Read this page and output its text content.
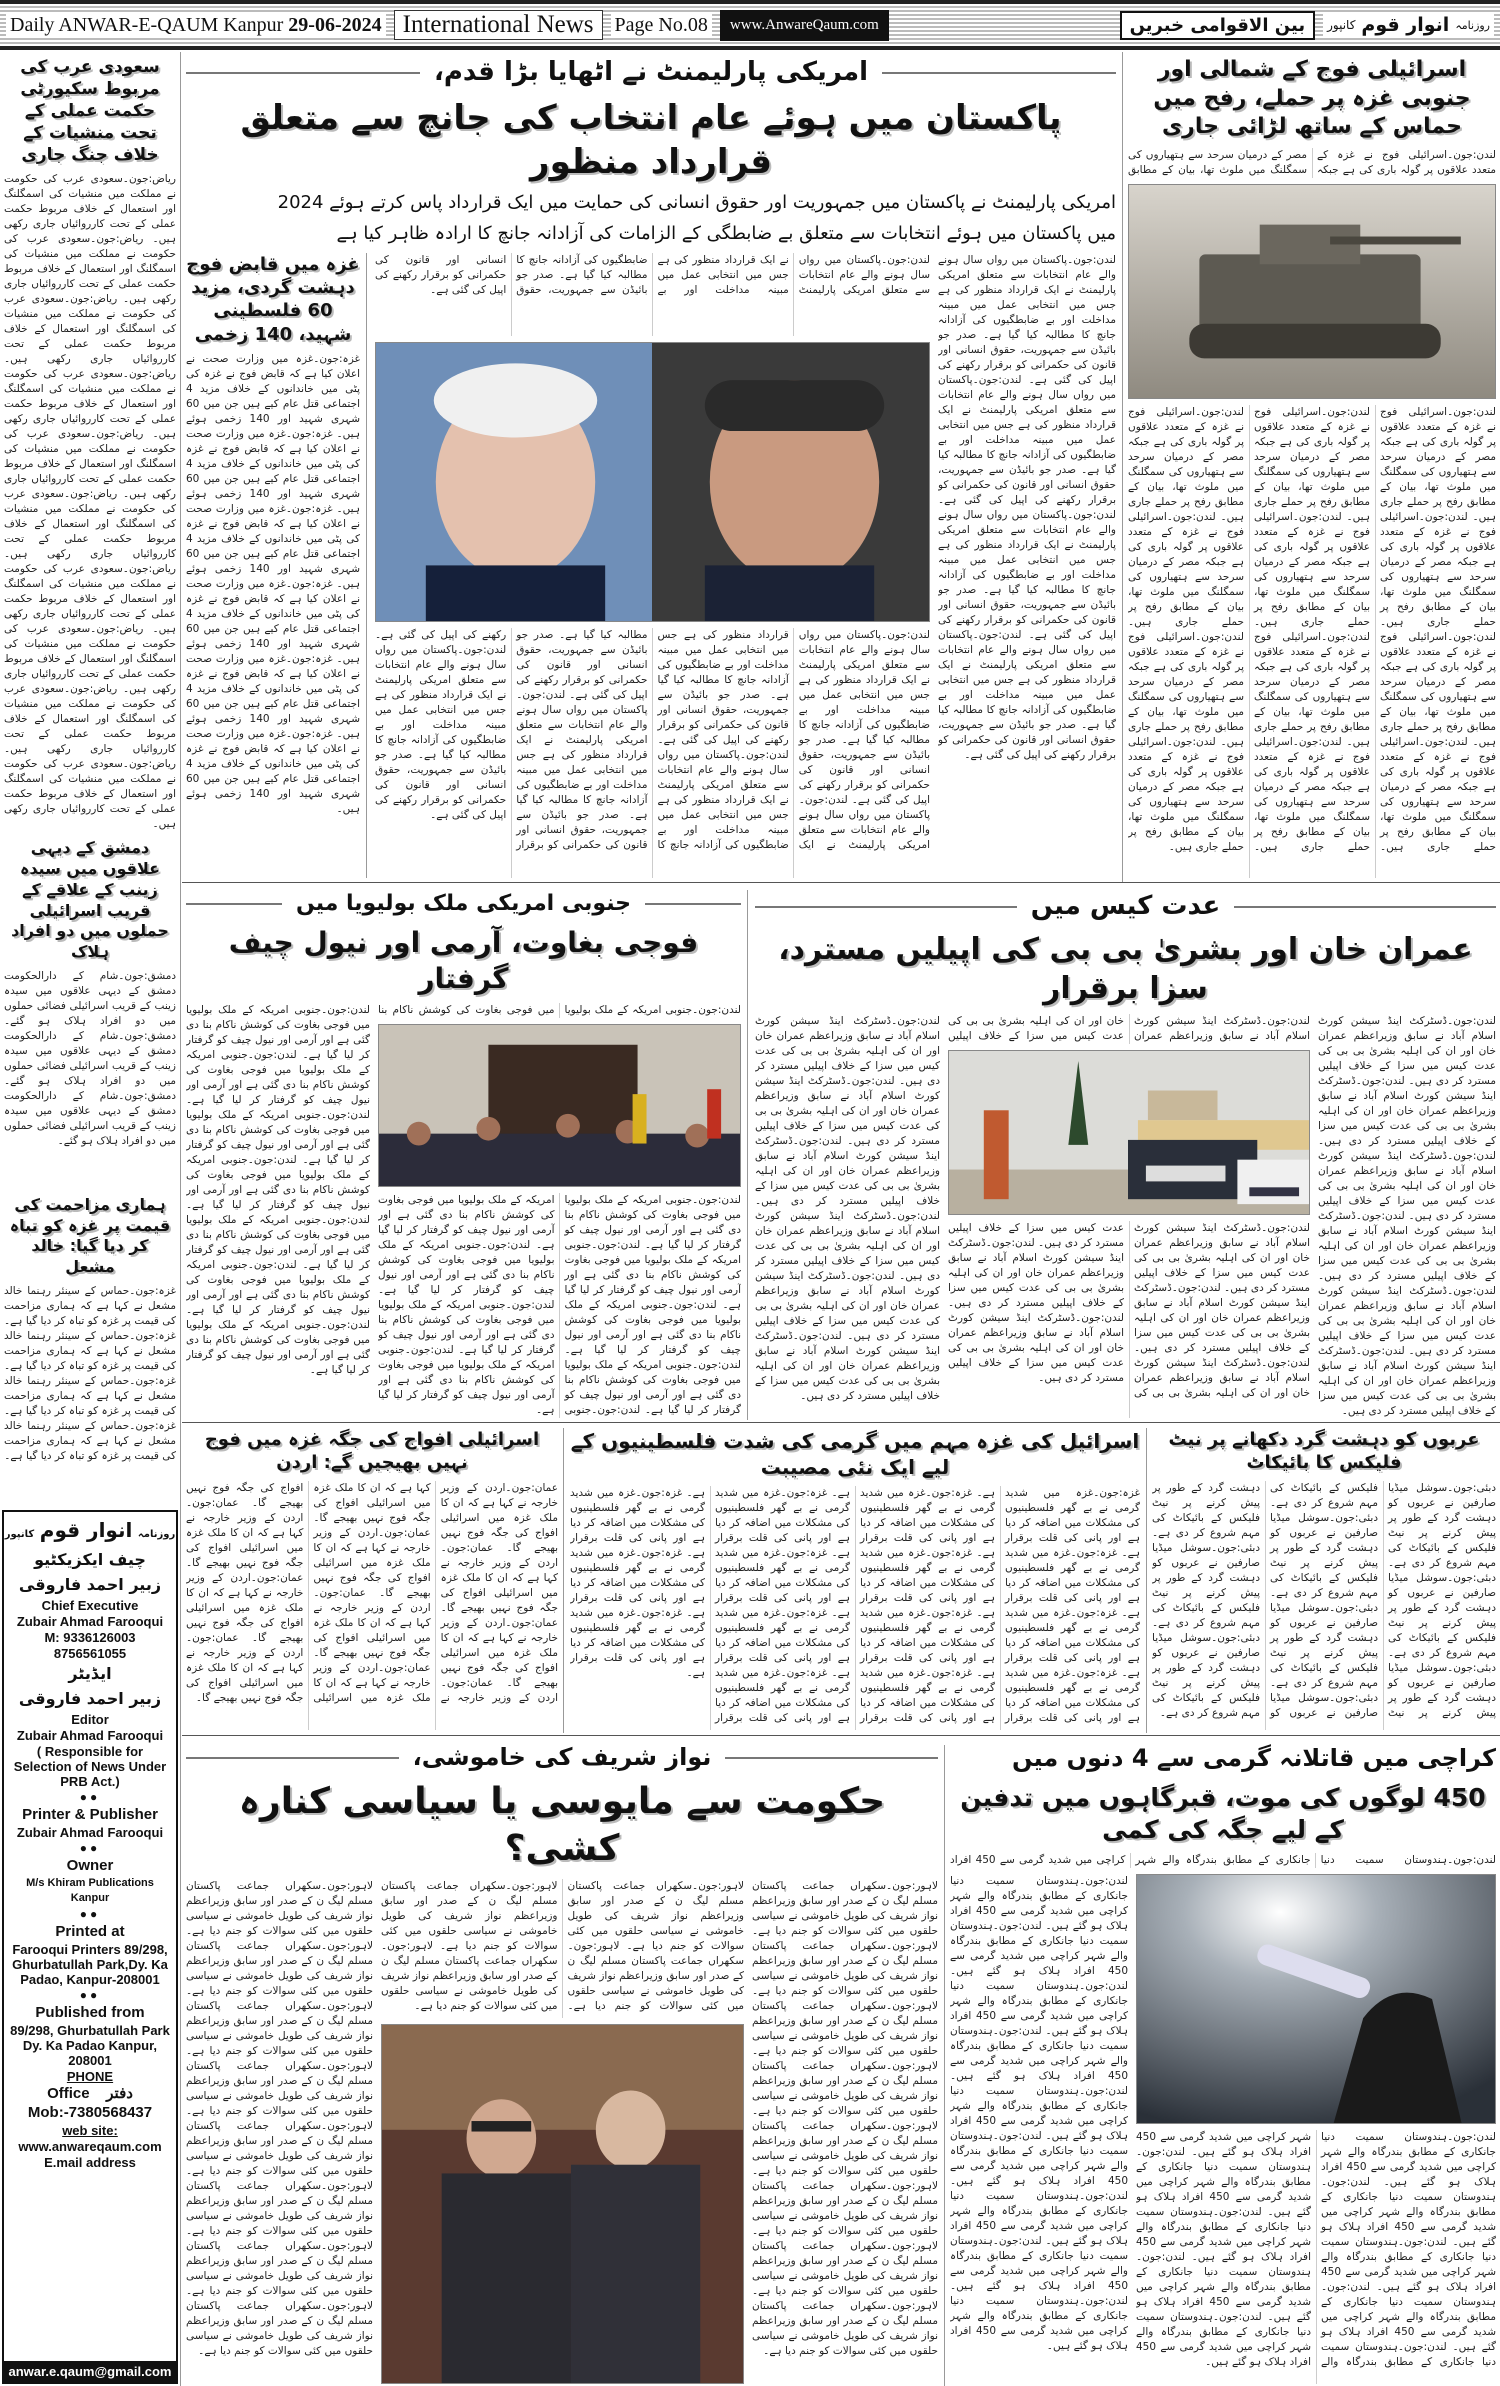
Daily ANWAR-E-QAUM Kanpur 29-06-2024 International News	Page No.08	www.AnwareQaum.com	بین الاقوامی خبریں	روزنامہ
انوار قوم
کانپور
سعودی عرب کی مربوط سکیورٹی حکمت عملی کے تحت منشیات کے خلاف جنگ جاری
ریاض:جون۔سعودی عرب کی حکومت نے مملکت میں منشیات کی اسمگلنگ اور استعمال کے خلاف مربوط حکمت عملی کے تحت کارروائیاں جاری رکھی ہیں۔ ریاض:جون۔سعودی عرب کی حکومت نے مملکت میں منشیات کی اسمگلنگ اور استعمال کے خلاف مربوط حکمت عملی کے تحت کارروائیاں جاری رکھی ہیں۔ ریاض:جون۔سعودی عرب کی حکومت نے مملکت میں منشیات کی اسمگلنگ اور استعمال کے خلاف مربوط حکمت عملی کے تحت کارروائیاں جاری رکھی ہیں۔ ریاض:جون۔سعودی عرب کی حکومت نے مملکت میں منشیات کی اسمگلنگ اور استعمال کے خلاف مربوط حکمت عملی کے تحت کارروائیاں جاری رکھی ہیں۔ ریاض:جون۔سعودی عرب کی حکومت نے مملکت میں منشیات کی اسمگلنگ اور استعمال کے خلاف مربوط حکمت عملی کے تحت کارروائیاں جاری رکھی ہیں۔ ریاض:جون۔سعودی عرب کی حکومت نے مملکت میں منشیات کی اسمگلنگ اور استعمال کے خلاف مربوط حکمت عملی کے تحت کارروائیاں جاری رکھی ہیں۔ ریاض:جون۔سعودی عرب کی حکومت نے مملکت میں منشیات کی اسمگلنگ اور استعمال کے خلاف مربوط حکمت عملی کے تحت کارروائیاں جاری رکھی ہیں۔ ریاض:جون۔سعودی عرب کی حکومت نے مملکت میں منشیات کی اسمگلنگ اور استعمال کے خلاف مربوط حکمت عملی کے تحت کارروائیاں جاری رکھی ہیں۔ ریاض:جون۔سعودی عرب کی حکومت نے مملکت میں منشیات کی اسمگلنگ اور استعمال کے خلاف مربوط حکمت عملی کے تحت کارروائیاں جاری رکھی ہیں۔ ریاض:جون۔سعودی عرب کی حکومت نے مملکت میں منشیات کی اسمگلنگ اور استعمال کے خلاف مربوط حکمت عملی کے تحت کارروائیاں جاری رکھی ہیں۔
دمشق کے دیہی علاقوں میں سیدہ زینب کے علاقے کے قریب اسرائیلی حملوں میں دو افراد ہلاک
دمشق:جون۔شام کے دارالحکومت دمشق کے دیہی علاقوں میں سیدہ زینب کے قریب اسرائیلی فضائی حملوں میں دو افراد ہلاک ہو گئے۔ دمشق:جون۔شام کے دارالحکومت دمشق کے دیہی علاقوں میں سیدہ زینب کے قریب اسرائیلی فضائی حملوں میں دو افراد ہلاک ہو گئے۔ دمشق:جون۔شام کے دارالحکومت دمشق کے دیہی علاقوں میں سیدہ زینب کے قریب اسرائیلی فضائی حملوں میں دو افراد ہلاک ہو گئے۔
ہماری مزاحمت کی قیمت پر غزہ کو تباہ کر دیا گیا: خالد مشعل
غزہ:جون۔حماس کے سینئر رہنما خالد مشعل نے کہا ہے کہ ہماری مزاحمت کی قیمت پر غزہ کو تباہ کر دیا گیا ہے۔ غزہ:جون۔حماس کے سینئر رہنما خالد مشعل نے کہا ہے کہ ہماری مزاحمت کی قیمت پر غزہ کو تباہ کر دیا گیا ہے۔ غزہ:جون۔حماس کے سینئر رہنما خالد مشعل نے کہا ہے کہ ہماری مزاحمت کی قیمت پر غزہ کو تباہ کر دیا گیا ہے۔ غزہ:جون۔حماس کے سینئر رہنما خالد مشعل نے کہا ہے کہ ہماری مزاحمت کی قیمت پر غزہ کو تباہ کر دیا گیا ہے۔
روزنامہ انوار قوم کانپور
چیف ایکزیکٹیو
زبیر احمد فاروقی
Chief Executive
Zubair Ahmad Farooqui
M: 9336126003
8756561055
ایڈیٹر
زبیر احمد فاروقی
Editor
Zubair Ahmad Farooqui
( Responsible for Selection of News Under PRB Act.)
●●
Printer & Publisher
Zubair Ahmad Farooqui
●●
Owner
M/s Khiram Publications Kanpur
●●
Printed at
Farooqui Printers 89/298, Ghurbatullah Park,Dy. Ka Padao, Kanpur-208001
●●
Published from
89/298, Ghurbatullah Park Dy. Ka Padao Kanpur, 208001
PHONE
Office دفتر
Mob:-7380568437
web site:
www.anwareqaum.com
E.mail address
anwar.e.qaum@gmail.com
امریکی پارلیمنٹ نے اٹھایا بڑا قدم،
پاکستان میں ہوئے عام انتخاب کی جانچ سے متعلق قرارداد منظور
امریکی پارلیمنٹ نے پاکستان میں جمہوریت اور حقوق انسانی کی حمایت میں ایک قرارداد پاس کرتے ہوئے 2024
میں پاکستان میں ہوئے انتخابات سے متعلق بے ضابطگی کے الزامات کی آزادانہ جانچ کا ارادہ ظاہر کیا ہے
لندن:جون۔پاکستان میں رواں سال ہونے والے عام انتخابات سے متعلق امریکی پارلیمنٹ نے ایک قرارداد منظور کی ہے جس میں انتخابی عمل میں مبینہ مداخلت اور بے ضابطگیوں کی آزادانہ جانچ کا مطالبہ کیا گیا ہے۔ صدر جو بائیڈن سے جمہوریت، حقوق انسانی اور قانون کی حکمرانی کو برقرار رکھنے کی اپیل کی گئی ہے۔ لندن:جون۔پاکستان میں رواں سال ہونے والے عام انتخابات سے متعلق امریکی پارلیمنٹ نے ایک قرارداد منظور کی ہے جس میں انتخابی عمل میں مبینہ مداخلت اور بے ضابطگیوں کی آزادانہ جانچ کا مطالبہ کیا گیا ہے۔ صدر جو بائیڈن سے جمہوریت، حقوق انسانی اور قانون کی حکمرانی کو برقرار رکھنے کی اپیل کی گئی ہے۔ لندن:جون۔پاکستان میں رواں سال ہونے والے عام انتخابات سے متعلق امریکی پارلیمنٹ نے ایک قرارداد منظور کی ہے جس میں انتخابی عمل میں مبینہ مداخلت اور بے ضابطگیوں کی آزادانہ جانچ کا مطالبہ کیا گیا ہے۔ صدر جو بائیڈن سے جمہوریت، حقوق انسانی اور قانون کی حکمرانی کو برقرار رکھنے کی اپیل کی گئی ہے۔ لندن:جون۔پاکستان میں رواں سال ہونے والے عام انتخابات سے متعلق امریکی پارلیمنٹ نے ایک قرارداد منظور کی ہے جس میں انتخابی عمل میں مبینہ مداخلت اور بے ضابطگیوں کی آزادانہ جانچ کا مطالبہ کیا گیا ہے۔ صدر جو بائیڈن سے جمہوریت، حقوق انسانی اور قانون کی حکمرانی کو برقرار رکھنے کی اپیل کی گئی ہے۔
لندن:جون۔پاکستان میں رواں سال ہونے والے عام انتخابات سے متعلق امریکی پارلیمنٹ نے ایک قرارداد منظور کی ہے جس میں انتخابی عمل میں مبینہ مداخلت اور بے ضابطگیوں کی آزادانہ جانچ کا مطالبہ کیا گیا ہے۔ صدر جو بائیڈن سے جمہوریت، حقوق انسانی اور قانون کی حکمرانی کو برقرار رکھنے کی اپیل کی گئی ہے۔
لندن:جون۔پاکستان میں رواں سال ہونے والے عام انتخابات سے متعلق امریکی پارلیمنٹ نے ایک قرارداد منظور کی ہے جس میں انتخابی عمل میں مبینہ مداخلت اور بے ضابطگیوں کی آزادانہ جانچ کا مطالبہ کیا گیا ہے۔ صدر جو بائیڈن سے جمہوریت، حقوق انسانی اور قانون کی حکمرانی کو برقرار رکھنے کی اپیل کی گئی ہے۔ لندن:جون۔پاکستان میں رواں سال ہونے والے عام انتخابات سے متعلق امریکی پارلیمنٹ نے ایک قرارداد منظور کی ہے جس میں انتخابی عمل میں مبینہ مداخلت اور بے ضابطگیوں کی آزادانہ جانچ کا مطالبہ کیا گیا ہے۔ صدر جو بائیڈن سے جمہوریت، حقوق انسانی اور قانون کی حکمرانی کو برقرار رکھنے کی اپیل کی گئی ہے۔ لندن:جون۔پاکستان میں رواں سال ہونے والے عام انتخابات سے متعلق امریکی پارلیمنٹ نے ایک قرارداد منظور کی ہے جس میں انتخابی عمل میں مبینہ مداخلت اور بے ضابطگیوں کی آزادانہ جانچ کا مطالبہ کیا گیا ہے۔ صدر جو بائیڈن سے جمہوریت، حقوق انسانی اور قانون کی حکمرانی کو برقرار رکھنے کی اپیل کی گئی ہے۔ لندن:جون۔پاکستان میں رواں سال ہونے والے عام انتخابات سے متعلق امریکی پارلیمنٹ نے ایک قرارداد منظور کی ہے جس میں انتخابی عمل میں مبینہ مداخلت اور بے ضابطگیوں کی آزادانہ جانچ کا مطالبہ کیا گیا ہے۔ صدر جو بائیڈن سے جمہوریت، حقوق انسانی اور قانون کی حکمرانی کو برقرار رکھنے کی اپیل کی گئی ہے۔ لندن:جون۔پاکستان میں رواں سال ہونے والے عام انتخابات سے متعلق امریکی پارلیمنٹ نے ایک قرارداد منظور کی ہے جس میں انتخابی عمل میں مبینہ مداخلت اور بے ضابطگیوں کی آزادانہ جانچ کا مطالبہ کیا گیا ہے۔ صدر جو بائیڈن سے جمہوریت، حقوق انسانی اور قانون کی حکمرانی کو برقرار رکھنے کی اپیل کی گئی ہے۔
غزہ میں قابض فوج دہشت گردی، مزید 60 فلسطینی شہید، 140 زخمی
غزہ:جون۔غزہ میں وزارت صحت نے اعلان کیا ہے کہ قابض فوج نے غزہ کی پٹی میں خاندانوں کے خلاف مزید 4 اجتماعی قتل عام کیے ہیں جن میں 60 شہری شہید اور 140 زخمی ہوئے ہیں۔ غزہ:جون۔غزہ میں وزارت صحت نے اعلان کیا ہے کہ قابض فوج نے غزہ کی پٹی میں خاندانوں کے خلاف مزید 4 اجتماعی قتل عام کیے ہیں جن میں 60 شہری شہید اور 140 زخمی ہوئے ہیں۔ غزہ:جون۔غزہ میں وزارت صحت نے اعلان کیا ہے کہ قابض فوج نے غزہ کی پٹی میں خاندانوں کے خلاف مزید 4 اجتماعی قتل عام کیے ہیں جن میں 60 شہری شہید اور 140 زخمی ہوئے ہیں۔ غزہ:جون۔غزہ میں وزارت صحت نے اعلان کیا ہے کہ قابض فوج نے غزہ کی پٹی میں خاندانوں کے خلاف مزید 4 اجتماعی قتل عام کیے ہیں جن میں 60 شہری شہید اور 140 زخمی ہوئے ہیں۔ غزہ:جون۔غزہ میں وزارت صحت نے اعلان کیا ہے کہ قابض فوج نے غزہ کی پٹی میں خاندانوں کے خلاف مزید 4 اجتماعی قتل عام کیے ہیں جن میں 60 شہری شہید اور 140 زخمی ہوئے ہیں۔ غزہ:جون۔غزہ میں وزارت صحت نے اعلان کیا ہے کہ قابض فوج نے غزہ کی پٹی میں خاندانوں کے خلاف مزید 4 اجتماعی قتل عام کیے ہیں جن میں 60 شہری شہید اور 140 زخمی ہوئے ہیں۔
اسرائیلی فوج کے شمالی اور جنوبی غزہ پر حملے، رفح میں حماس کے ساتھ لڑائی جاری
لندن:جون۔اسرائیلی فوج نے غزہ کے متعدد علاقوں پر گولہ باری کی ہے جبکہ مصر کے درمیان سرحد سے ہتھیاروں کی سمگلنگ میں ملوث تھا، بیان کے مطابق
لندن:جون۔اسرائیلی فوج نے غزہ کے متعدد علاقوں پر گولہ باری کی ہے جبکہ مصر کے درمیان سرحد سے ہتھیاروں کی سمگلنگ میں ملوث تھا، بیان کے مطابق رفح پر حملے جاری ہیں۔ لندن:جون۔اسرائیلی فوج نے غزہ کے متعدد علاقوں پر گولہ باری کی ہے جبکہ مصر کے درمیان سرحد سے ہتھیاروں کی سمگلنگ میں ملوث تھا، بیان کے مطابق رفح پر حملے جاری ہیں۔ لندن:جون۔اسرائیلی فوج نے غزہ کے متعدد علاقوں پر گولہ باری کی ہے جبکہ مصر کے درمیان سرحد سے ہتھیاروں کی سمگلنگ میں ملوث تھا، بیان کے مطابق رفح پر حملے جاری ہیں۔ لندن:جون۔اسرائیلی فوج نے غزہ کے متعدد علاقوں پر گولہ باری کی ہے جبکہ مصر کے درمیان سرحد سے ہتھیاروں کی سمگلنگ میں ملوث تھا، بیان کے مطابق رفح پر حملے جاری ہیں۔ لندن:جون۔اسرائیلی فوج نے غزہ کے متعدد علاقوں پر گولہ باری کی ہے جبکہ مصر کے درمیان سرحد سے ہتھیاروں کی سمگلنگ میں ملوث تھا، بیان کے مطابق رفح پر حملے جاری ہیں۔ لندن:جون۔اسرائیلی فوج نے غزہ کے متعدد علاقوں پر گولہ باری کی ہے جبکہ مصر کے درمیان سرحد سے ہتھیاروں کی سمگلنگ میں ملوث تھا، بیان کے مطابق رفح پر حملے جاری ہیں۔ لندن:جون۔اسرائیلی فوج نے غزہ کے متعدد علاقوں پر گولہ باری کی ہے جبکہ مصر کے درمیان سرحد سے ہتھیاروں کی سمگلنگ میں ملوث تھا، بیان کے مطابق رفح پر حملے جاری ہیں۔ لندن:جون۔اسرائیلی فوج نے غزہ کے متعدد علاقوں پر گولہ باری کی ہے جبکہ مصر کے درمیان سرحد سے ہتھیاروں کی سمگلنگ میں ملوث تھا، بیان کے مطابق رفح پر حملے جاری ہیں۔ لندن:جون۔اسرائیلی فوج نے غزہ کے متعدد علاقوں پر گولہ باری کی ہے جبکہ مصر کے درمیان سرحد سے ہتھیاروں کی سمگلنگ میں ملوث تھا، بیان کے مطابق رفح پر حملے جاری ہیں۔ لندن:جون۔اسرائیلی فوج نے غزہ کے متعدد علاقوں پر گولہ باری کی ہے جبکہ مصر کے درمیان سرحد سے ہتھیاروں کی سمگلنگ میں ملوث تھا، بیان کے مطابق رفح پر حملے جاری ہیں۔ لندن:جون۔اسرائیلی فوج نے غزہ کے متعدد علاقوں پر گولہ باری کی ہے جبکہ مصر کے درمیان سرحد سے ہتھیاروں کی سمگلنگ میں ملوث تھا، بیان کے مطابق رفح پر حملے جاری ہیں۔ لندن:جون۔اسرائیلی فوج نے غزہ کے متعدد علاقوں پر گولہ باری کی ہے جبکہ مصر کے درمیان سرحد سے ہتھیاروں کی سمگلنگ میں ملوث تھا، بیان کے مطابق رفح پر حملے جاری ہیں۔
جنوبی امریکی ملک بولیویا میں
فوجی بغاوت، آرمی اور نیول چیف گرفتار
لندن:جون۔جنوبی امریکہ کے ملک بولیویا میں فوجی بغاوت کی کوشش ناکام بنا
لندن:جون۔جنوبی امریکہ کے ملک بولیویا میں فوجی بغاوت کی کوشش ناکام بنا دی گئی ہے اور آرمی اور نیول چیف کو گرفتار کر لیا گیا ہے۔ لندن:جون۔جنوبی امریکہ کے ملک بولیویا میں فوجی بغاوت کی کوشش ناکام بنا دی گئی ہے اور آرمی اور نیول چیف کو گرفتار کر لیا گیا ہے۔ لندن:جون۔جنوبی امریکہ کے ملک بولیویا میں فوجی بغاوت کی کوشش ناکام بنا دی گئی ہے اور آرمی اور نیول چیف کو گرفتار کر لیا گیا ہے۔ لندن:جون۔جنوبی امریکہ کے ملک بولیویا میں فوجی بغاوت کی کوشش ناکام بنا دی گئی ہے اور آرمی اور نیول چیف کو گرفتار کر لیا گیا ہے۔ لندن:جون۔جنوبی امریکہ کے ملک بولیویا میں فوجی بغاوت کی کوشش ناکام بنا دی گئی ہے اور آرمی اور نیول چیف کو گرفتار کر لیا گیا ہے۔ لندن:جون۔جنوبی امریکہ کے ملک بولیویا میں فوجی بغاوت کی کوشش ناکام بنا دی گئی ہے اور آرمی اور نیول چیف کو گرفتار کر لیا گیا ہے۔ لندن:جون۔جنوبی امریکہ کے ملک بولیویا میں فوجی بغاوت کی کوشش ناکام بنا دی گئی ہے اور آرمی اور نیول چیف کو گرفتار کر لیا گیا ہے۔ لندن:جون۔جنوبی امریکہ کے ملک بولیویا میں فوجی بغاوت کی کوشش ناکام بنا دی گئی ہے اور آرمی اور نیول چیف کو گرفتار کر لیا گیا ہے۔
لندن:جون۔جنوبی امریکہ کے ملک بولیویا میں فوجی بغاوت کی کوشش ناکام بنا دی گئی ہے اور آرمی اور نیول چیف کو گرفتار کر لیا گیا ہے۔ لندن:جون۔جنوبی امریکہ کے ملک بولیویا میں فوجی بغاوت کی کوشش ناکام بنا دی گئی ہے اور آرمی اور نیول چیف کو گرفتار کر لیا گیا ہے۔ لندن:جون۔جنوبی امریکہ کے ملک بولیویا میں فوجی بغاوت کی کوشش ناکام بنا دی گئی ہے اور آرمی اور نیول چیف کو گرفتار کر لیا گیا ہے۔ لندن:جون۔جنوبی امریکہ کے ملک بولیویا میں فوجی بغاوت کی کوشش ناکام بنا دی گئی ہے اور آرمی اور نیول چیف کو گرفتار کر لیا گیا ہے۔ لندن:جون۔جنوبی امریکہ کے ملک بولیویا میں فوجی بغاوت کی کوشش ناکام بنا دی گئی ہے اور آرمی اور نیول چیف کو گرفتار کر لیا گیا ہے۔ لندن:جون۔جنوبی امریکہ کے ملک بولیویا میں فوجی بغاوت کی کوشش ناکام بنا دی گئی ہے اور آرمی اور نیول چیف کو گرفتار کر لیا گیا ہے۔ لندن:جون۔جنوبی امریکہ کے ملک بولیویا میں فوجی بغاوت کی کوشش ناکام بنا دی گئی ہے اور آرمی اور نیول چیف کو گرفتار کر لیا گیا ہے۔
عدت کیس میں
عمران خان اور بشریٰ بی بی کی اپیلیں مسترد، سزا برقرار
لندن:جون۔ڈسٹرکٹ اینڈ سیشن کورٹ اسلام آباد نے سابق وزیراعظم عمران خان اور ان کی اہلیہ بشریٰ بی بی کی عدت کیس میں سزا کے خلاف اپیلیں مسترد کر دی ہیں۔ لندن:جون۔ڈسٹرکٹ اینڈ سیشن کورٹ اسلام آباد نے سابق وزیراعظم عمران خان اور ان کی اہلیہ بشریٰ بی بی کی عدت کیس میں سزا کے خلاف اپیلیں مسترد کر دی ہیں۔ لندن:جون۔ڈسٹرکٹ اینڈ سیشن کورٹ اسلام آباد نے سابق وزیراعظم عمران خان اور ان کی اہلیہ بشریٰ بی بی کی عدت کیس میں سزا کے خلاف اپیلیں مسترد کر دی ہیں۔ لندن:جون۔ڈسٹرکٹ اینڈ سیشن کورٹ اسلام آباد نے سابق وزیراعظم عمران خان اور ان کی اہلیہ بشریٰ بی بی کی عدت کیس میں سزا کے خلاف اپیلیں مسترد کر دی ہیں۔ لندن:جون۔ڈسٹرکٹ اینڈ سیشن کورٹ اسلام آباد نے سابق وزیراعظم عمران خان اور ان کی اہلیہ بشریٰ بی بی کی عدت کیس میں سزا کے خلاف اپیلیں مسترد کر دی ہیں۔ لندن:جون۔ڈسٹرکٹ اینڈ سیشن کورٹ اسلام آباد نے سابق وزیراعظم عمران خان اور ان کی اہلیہ بشریٰ بی بی کی عدت کیس میں سزا کے خلاف اپیلیں مسترد کر دی ہیں۔
لندن:جون۔ڈسٹرکٹ اینڈ سیشن کورٹ اسلام آباد نے سابق وزیراعظم عمران خان اور ان کی اہلیہ بشریٰ بی بی کی عدت کیس میں سزا کے خلاف اپیلیں
لندن:جون۔ڈسٹرکٹ اینڈ سیشن کورٹ اسلام آباد نے سابق وزیراعظم عمران خان اور ان کی اہلیہ بشریٰ بی بی کی عدت کیس میں سزا کے خلاف اپیلیں مسترد کر دی ہیں۔ لندن:جون۔ڈسٹرکٹ اینڈ سیشن کورٹ اسلام آباد نے سابق وزیراعظم عمران خان اور ان کی اہلیہ بشریٰ بی بی کی عدت کیس میں سزا کے خلاف اپیلیں مسترد کر دی ہیں۔ لندن:جون۔ڈسٹرکٹ اینڈ سیشن کورٹ اسلام آباد نے سابق وزیراعظم عمران خان اور ان کی اہلیہ بشریٰ بی بی کی عدت کیس میں سزا کے خلاف اپیلیں مسترد کر دی ہیں۔ لندن:جون۔ڈسٹرکٹ اینڈ سیشن کورٹ اسلام آباد نے سابق وزیراعظم عمران خان اور ان کی اہلیہ بشریٰ بی بی کی عدت کیس میں سزا کے خلاف اپیلیں مسترد کر دی ہیں۔ لندن:جون۔ڈسٹرکٹ اینڈ سیشن کورٹ اسلام آباد نے سابق وزیراعظم عمران خان اور ان کی اہلیہ بشریٰ بی بی کی عدت کیس میں سزا کے خلاف اپیلیں مسترد کر دی ہیں۔
لندن:جون۔ڈسٹرکٹ اینڈ سیشن کورٹ اسلام آباد نے سابق وزیراعظم عمران خان اور ان کی اہلیہ بشریٰ بی بی کی عدت کیس میں سزا کے خلاف اپیلیں مسترد کر دی ہیں۔ لندن:جون۔ڈسٹرکٹ اینڈ سیشن کورٹ اسلام آباد نے سابق وزیراعظم عمران خان اور ان کی اہلیہ بشریٰ بی بی کی عدت کیس میں سزا کے خلاف اپیلیں مسترد کر دی ہیں۔ لندن:جون۔ڈسٹرکٹ اینڈ سیشن کورٹ اسلام آباد نے سابق وزیراعظم عمران خان اور ان کی اہلیہ بشریٰ بی بی کی عدت کیس میں سزا کے خلاف اپیلیں مسترد کر دی ہیں۔ لندن:جون۔ڈسٹرکٹ اینڈ سیشن کورٹ اسلام آباد نے سابق وزیراعظم عمران خان اور ان کی اہلیہ بشریٰ بی بی کی عدت کیس میں سزا کے خلاف اپیلیں مسترد کر دی ہیں۔ لندن:جون۔ڈسٹرکٹ اینڈ سیشن کورٹ اسلام آباد نے سابق وزیراعظم عمران خان اور ان کی اہلیہ بشریٰ بی بی کی عدت کیس میں سزا کے خلاف اپیلیں مسترد کر دی ہیں۔ لندن:جون۔ڈسٹرکٹ اینڈ سیشن کورٹ اسلام آباد نے سابق وزیراعظم عمران خان اور ان کی اہلیہ بشریٰ بی بی کی عدت کیس میں سزا کے خلاف اپیلیں مسترد کر دی ہیں۔
اسرائیلی افواج کی جگہ غزہ میں فوج نہیں بھیجیں گے: اردن
عمان:جون۔اردن کے وزیر خارجہ نے کہا ہے کہ ان کا ملک غزہ میں اسرائیلی افواج کی جگہ فوج نہیں بھیجے گا۔ عمان:جون۔اردن کے وزیر خارجہ نے کہا ہے کہ ان کا ملک غزہ میں اسرائیلی افواج کی جگہ فوج نہیں بھیجے گا۔ عمان:جون۔اردن کے وزیر خارجہ نے کہا ہے کہ ان کا ملک غزہ میں اسرائیلی افواج کی جگہ فوج نہیں بھیجے گا۔ عمان:جون۔اردن کے وزیر خارجہ نے کہا ہے کہ ان کا ملک غزہ میں اسرائیلی افواج کی جگہ فوج نہیں بھیجے گا۔ عمان:جون۔اردن کے وزیر خارجہ نے کہا ہے کہ ان کا ملک غزہ میں اسرائیلی افواج کی جگہ فوج نہیں بھیجے گا۔ عمان:جون۔اردن کے وزیر خارجہ نے کہا ہے کہ ان کا ملک غزہ میں اسرائیلی افواج کی جگہ فوج نہیں بھیجے گا۔ عمان:جون۔اردن کے وزیر خارجہ نے کہا ہے کہ ان کا ملک غزہ میں اسرائیلی افواج کی جگہ فوج نہیں بھیجے گا۔ عمان:جون۔اردن کے وزیر خارجہ نے کہا ہے کہ ان کا ملک غزہ میں اسرائیلی افواج کی جگہ فوج نہیں بھیجے گا۔ عمان:جون۔اردن کے وزیر خارجہ نے کہا ہے کہ ان کا ملک غزہ میں اسرائیلی افواج کی جگہ فوج نہیں بھیجے گا۔ عمان:جون۔اردن کے وزیر خارجہ نے کہا ہے کہ ان کا ملک غزہ میں اسرائیلی افواج کی جگہ فوج نہیں بھیجے گا۔
اسرائیل کی غزہ مہم میں گرمی کی شدت فلسطینیوں کے لیے ایک نئی مصیبت
غزہ:جون۔غزہ میں شدید گرمی نے بے گھر فلسطینیوں کی مشکلات میں اضافہ کر دیا ہے اور پانی کی قلت برقرار ہے۔ غزہ:جون۔غزہ میں شدید گرمی نے بے گھر فلسطینیوں کی مشکلات میں اضافہ کر دیا ہے اور پانی کی قلت برقرار ہے۔ غزہ:جون۔غزہ میں شدید گرمی نے بے گھر فلسطینیوں کی مشکلات میں اضافہ کر دیا ہے اور پانی کی قلت برقرار ہے۔ غزہ:جون۔غزہ میں شدید گرمی نے بے گھر فلسطینیوں کی مشکلات میں اضافہ کر دیا ہے اور پانی کی قلت برقرار ہے۔ غزہ:جون۔غزہ میں شدید گرمی نے بے گھر فلسطینیوں کی مشکلات میں اضافہ کر دیا ہے اور پانی کی قلت برقرار ہے۔ غزہ:جون۔غزہ میں شدید گرمی نے بے گھر فلسطینیوں کی مشکلات میں اضافہ کر دیا ہے اور پانی کی قلت برقرار ہے۔ غزہ:جون۔غزہ میں شدید گرمی نے بے گھر فلسطینیوں کی مشکلات میں اضافہ کر دیا ہے اور پانی کی قلت برقرار ہے۔ غزہ:جون۔غزہ میں شدید گرمی نے بے گھر فلسطینیوں کی مشکلات میں اضافہ کر دیا ہے اور پانی کی قلت برقرار ہے۔ غزہ:جون۔غزہ میں شدید گرمی نے بے گھر فلسطینیوں کی مشکلات میں اضافہ کر دیا ہے اور پانی کی قلت برقرار ہے۔ غزہ:جون۔غزہ میں شدید گرمی نے بے گھر فلسطینیوں کی مشکلات میں اضافہ کر دیا ہے اور پانی کی قلت برقرار ہے۔ غزہ:جون۔غزہ میں شدید گرمی نے بے گھر فلسطینیوں کی مشکلات میں اضافہ کر دیا ہے اور پانی کی قلت برقرار ہے۔ غزہ:جون۔غزہ میں شدید گرمی نے بے گھر فلسطینیوں کی مشکلات میں اضافہ کر دیا ہے اور پانی کی قلت برقرار ہے۔ غزہ:جون۔غزہ میں شدید گرمی نے بے گھر فلسطینیوں کی مشکلات میں اضافہ کر دیا ہے اور پانی کی قلت برقرار ہے۔ غزہ:جون۔غزہ میں شدید گرمی نے بے گھر فلسطینیوں کی مشکلات میں اضافہ کر دیا ہے اور پانی کی قلت برقرار ہے۔ غزہ:جون۔غزہ میں شدید گرمی نے بے گھر فلسطینیوں کی مشکلات میں اضافہ کر دیا ہے اور پانی کی قلت برقرار ہے۔
عربوں کو دہشت گرد دکھانے پر نیٹ فلیکس کا بائیکاٹ
دبئی:جون۔سوشل میڈیا صارفین نے عربوں کو دہشت گرد کے طور پر پیش کرنے پر نیٹ فلیکس کے بائیکاٹ کی مہم شروع کر دی ہے۔ دبئی:جون۔سوشل میڈیا صارفین نے عربوں کو دہشت گرد کے طور پر پیش کرنے پر نیٹ فلیکس کے بائیکاٹ کی مہم شروع کر دی ہے۔ دبئی:جون۔سوشل میڈیا صارفین نے عربوں کو دہشت گرد کے طور پر پیش کرنے پر نیٹ فلیکس کے بائیکاٹ کی مہم شروع کر دی ہے۔ دبئی:جون۔سوشل میڈیا صارفین نے عربوں کو دہشت گرد کے طور پر پیش کرنے پر نیٹ فلیکس کے بائیکاٹ کی مہم شروع کر دی ہے۔ دبئی:جون۔سوشل میڈیا صارفین نے عربوں کو دہشت گرد کے طور پر پیش کرنے پر نیٹ فلیکس کے بائیکاٹ کی مہم شروع کر دی ہے۔ دبئی:جون۔سوشل میڈیا صارفین نے عربوں کو دہشت گرد کے طور پر پیش کرنے پر نیٹ فلیکس کے بائیکاٹ کی مہم شروع کر دی ہے۔ دبئی:جون۔سوشل میڈیا صارفین نے عربوں کو دہشت گرد کے طور پر پیش کرنے پر نیٹ فلیکس کے بائیکاٹ کی مہم شروع کر دی ہے۔ دبئی:جون۔سوشل میڈیا صارفین نے عربوں کو دہشت گرد کے طور پر پیش کرنے پر نیٹ فلیکس کے بائیکاٹ کی مہم شروع کر دی ہے۔
نواز شریف کی خاموشی،
حکومت سے مایوسی یا سیاسی کنارہ کشی؟
لاہور:جون۔سکھراں جماعت پاکستان مسلم لیگ ن کے صدر اور سابق وزیراعظم نواز شریف کی طویل خاموشی نے سیاسی حلقوں میں کئی سوالات کو جنم دیا ہے۔ لاہور:جون۔سکھراں جماعت پاکستان مسلم لیگ ن کے صدر اور سابق وزیراعظم نواز شریف کی طویل خاموشی نے سیاسی حلقوں میں کئی سوالات کو جنم دیا ہے۔ لاہور:جون۔سکھراں جماعت پاکستان مسلم لیگ ن کے صدر اور سابق وزیراعظم نواز شریف کی طویل خاموشی نے سیاسی حلقوں میں کئی سوالات کو جنم دیا ہے۔ لاہور:جون۔سکھراں جماعت پاکستان مسلم لیگ ن کے صدر اور سابق وزیراعظم نواز شریف کی طویل خاموشی نے سیاسی حلقوں میں کئی سوالات کو جنم دیا ہے۔ لاہور:جون۔سکھراں جماعت پاکستان مسلم لیگ ن کے صدر اور سابق وزیراعظم نواز شریف کی طویل خاموشی نے سیاسی حلقوں میں کئی سوالات کو جنم دیا ہے۔ لاہور:جون۔سکھراں جماعت پاکستان مسلم لیگ ن کے صدر اور سابق وزیراعظم نواز شریف کی طویل خاموشی نے سیاسی حلقوں میں کئی سوالات کو جنم دیا ہے۔ لاہور:جون۔سکھراں جماعت پاکستان مسلم لیگ ن کے صدر اور سابق وزیراعظم نواز شریف کی طویل خاموشی نے سیاسی حلقوں میں کئی سوالات کو جنم دیا ہے۔ لاہور:جون۔سکھراں جماعت پاکستان مسلم لیگ ن کے صدر اور سابق وزیراعظم نواز شریف کی طویل خاموشی نے سیاسی حلقوں میں کئی سوالات کو جنم دیا ہے۔
لاہور:جون۔سکھراں جماعت پاکستان مسلم لیگ ن کے صدر اور سابق وزیراعظم نواز شریف کی طویل خاموشی نے سیاسی حلقوں میں کئی سوالات کو جنم دیا ہے۔ لاہور:جون۔سکھراں جماعت پاکستان مسلم لیگ ن کے صدر اور سابق وزیراعظم نواز شریف کی طویل خاموشی نے سیاسی حلقوں میں کئی سوالات کو جنم دیا ہے۔ لاہور:جون۔سکھراں جماعت پاکستان مسلم لیگ ن کے صدر اور سابق وزیراعظم نواز شریف کی طویل خاموشی نے سیاسی حلقوں میں کئی سوالات کو جنم دیا ہے۔ لاہور:جون۔سکھراں جماعت پاکستان مسلم لیگ ن کے صدر اور سابق وزیراعظم نواز شریف کی طویل خاموشی نے سیاسی حلقوں میں کئی سوالات کو جنم دیا ہے۔
لاہور:جون۔سکھراں جماعت پاکستان مسلم لیگ ن کے صدر اور سابق وزیراعظم نواز شریف کی طویل خاموشی نے سیاسی حلقوں میں کئی سوالات کو جنم دیا ہے۔ لاہور:جون۔سکھراں جماعت پاکستان مسلم لیگ ن کے صدر اور سابق وزیراعظم نواز شریف کی طویل خاموشی نے سیاسی حلقوں میں کئی سوالات کو جنم دیا ہے۔ لاہور:جون۔سکھراں جماعت پاکستان مسلم لیگ ن کے صدر اور سابق وزیراعظم نواز شریف کی طویل خاموشی نے سیاسی حلقوں میں کئی سوالات کو جنم دیا ہے۔ لاہور:جون۔سکھراں جماعت پاکستان مسلم لیگ ن کے صدر اور سابق وزیراعظم نواز شریف کی طویل خاموشی نے سیاسی حلقوں میں کئی سوالات کو جنم دیا ہے۔ لاہور:جون۔سکھراں جماعت پاکستان مسلم لیگ ن کے صدر اور سابق وزیراعظم نواز شریف کی طویل خاموشی نے سیاسی حلقوں میں کئی سوالات کو جنم دیا ہے۔ لاہور:جون۔سکھراں جماعت پاکستان مسلم لیگ ن کے صدر اور سابق وزیراعظم نواز شریف کی طویل خاموشی نے سیاسی حلقوں میں کئی سوالات کو جنم دیا ہے۔ لاہور:جون۔سکھراں جماعت پاکستان مسلم لیگ ن کے صدر اور سابق وزیراعظم نواز شریف کی طویل خاموشی نے سیاسی حلقوں میں کئی سوالات کو جنم دیا ہے۔ لاہور:جون۔سکھراں جماعت پاکستان مسلم لیگ ن کے صدر اور سابق وزیراعظم نواز شریف کی طویل خاموشی نے سیاسی حلقوں میں کئی سوالات کو جنم دیا ہے۔
کراچی میں قاتلانہ گرمی سے 4 دنوں میں
450 لوگوں کی موت، قبرگاہوں میں تدفین کے لیے جگہ کی کمی
لندن:جون۔ہندوستان سمیت دنیا جانکاری کے مطابق بندرگاہ والے شہر کراچی میں شدید گرمی سے 450 افراد
لندن:جون۔ہندوستان سمیت دنیا جانکاری کے مطابق بندرگاہ والے شہر کراچی میں شدید گرمی سے 450 افراد ہلاک ہو گئے ہیں۔ لندن:جون۔ہندوستان سمیت دنیا جانکاری کے مطابق بندرگاہ والے شہر کراچی میں شدید گرمی سے 450 افراد ہلاک ہو گئے ہیں۔ لندن:جون۔ہندوستان سمیت دنیا جانکاری کے مطابق بندرگاہ والے شہر کراچی میں شدید گرمی سے 450 افراد ہلاک ہو گئے ہیں۔ لندن:جون۔ہندوستان سمیت دنیا جانکاری کے مطابق بندرگاہ والے شہر کراچی میں شدید گرمی سے 450 افراد ہلاک ہو گئے ہیں۔ لندن:جون۔ہندوستان سمیت دنیا جانکاری کے مطابق بندرگاہ والے شہر کراچی میں شدید گرمی سے 450 افراد ہلاک ہو گئے ہیں۔ لندن:جون۔ہندوستان سمیت دنیا جانکاری کے مطابق بندرگاہ والے شہر کراچی میں شدید گرمی سے 450 افراد ہلاک ہو گئے ہیں۔ لندن:جون۔ہندوستان سمیت دنیا جانکاری کے مطابق بندرگاہ والے شہر کراچی میں شدید گرمی سے 450 افراد ہلاک ہو گئے ہیں۔ لندن:جون۔ہندوستان سمیت دنیا جانکاری کے مطابق بندرگاہ والے شہر کراچی میں شدید گرمی سے 450 افراد ہلاک ہو گئے ہیں۔ لندن:جون۔ہندوستان سمیت دنیا جانکاری کے مطابق بندرگاہ والے شہر کراچی میں شدید گرمی سے 450 افراد ہلاک ہو گئے ہیں۔
لندن:جون۔ہندوستان سمیت دنیا جانکاری کے مطابق بندرگاہ والے شہر کراچی میں شدید گرمی سے 450 افراد ہلاک ہو گئے ہیں۔ لندن:جون۔ہندوستان سمیت دنیا جانکاری کے مطابق بندرگاہ والے شہر کراچی میں شدید گرمی سے 450 افراد ہلاک ہو گئے ہیں۔ لندن:جون۔ہندوستان سمیت دنیا جانکاری کے مطابق بندرگاہ والے شہر کراچی میں شدید گرمی سے 450 افراد ہلاک ہو گئے ہیں۔ لندن:جون۔ہندوستان سمیت دنیا جانکاری کے مطابق بندرگاہ والے شہر کراچی میں شدید گرمی سے 450 افراد ہلاک ہو گئے ہیں۔ لندن:جون۔ہندوستان سمیت دنیا جانکاری کے مطابق بندرگاہ والے شہر کراچی میں شدید گرمی سے 450 افراد ہلاک ہو گئے ہیں۔ لندن:جون۔ہندوستان سمیت دنیا جانکاری کے مطابق بندرگاہ والے شہر کراچی میں شدید گرمی سے 450 افراد ہلاک ہو گئے ہیں۔ لندن:جون۔ہندوستان سمیت دنیا جانکاری کے مطابق بندرگاہ والے شہر کراچی میں شدید گرمی سے 450 افراد ہلاک ہو گئے ہیں۔ لندن:جون۔ہندوستان سمیت دنیا جانکاری کے مطابق بندرگاہ والے شہر کراچی میں شدید گرمی سے 450 افراد ہلاک ہو گئے ہیں۔ لندن:جون۔ہندوستان سمیت دنیا جانکاری کے مطابق بندرگاہ والے شہر کراچی میں شدید گرمی سے 450 افراد ہلاک ہو گئے ہیں۔
